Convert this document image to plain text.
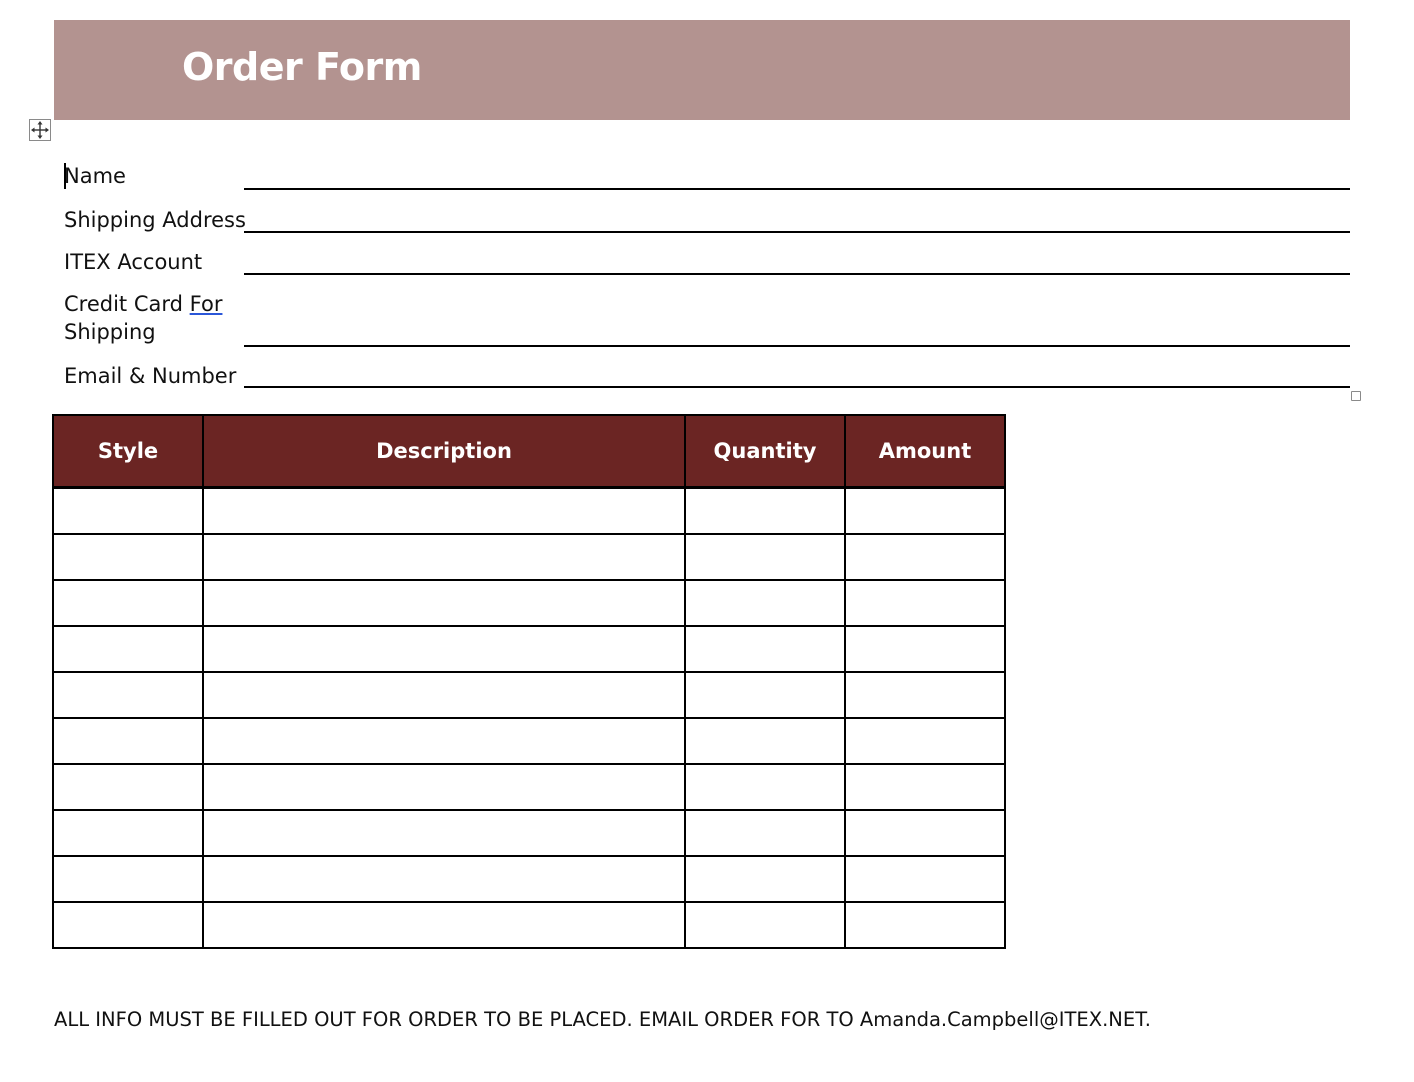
Order Form
Name
Shipping Address
ITEX Account
Credit Card For
Shipping
Email & Number
Style	Description	Quantity	Amount

ALL INFO MUST BE FILLED OUT FOR ORDER TO BE PLACED. EMAIL ORDER FOR TO Amanda.Campbell@ITEX.NET.
